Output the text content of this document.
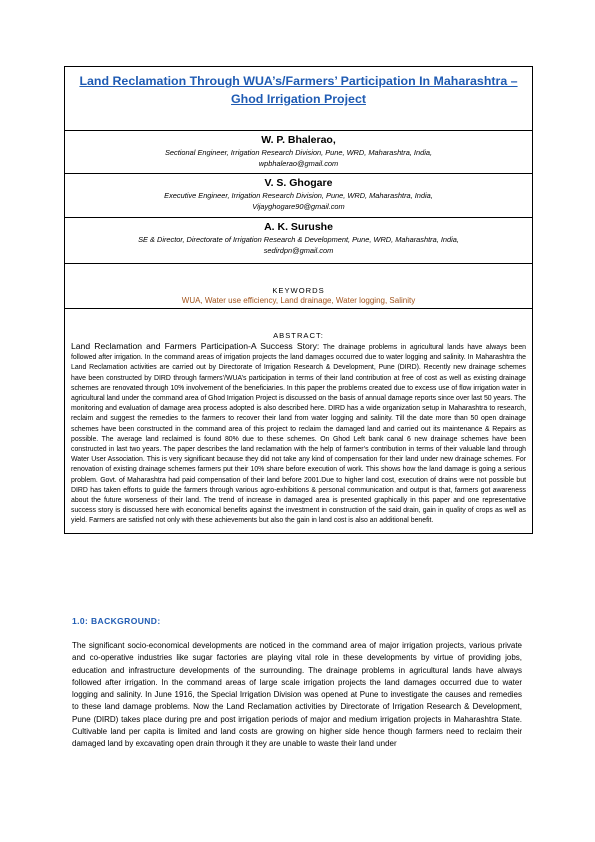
Land Reclamation Through WUA’s/Farmers’ Participation In Maharashtra –Ghod Irrigation Project
W. P. Bhalerao,
Sectional Engineer, Irrigation Research Division, Pune, WRD, Maharashtra, India,
wpbhalerao@gmail.com
V. S. Ghogare
Executive Engineer, Irrigation Research Division, Pune, WRD, Maharashtra, India,
Vijayghogare90@gmail.com
A. K. Surushe
SE & Director, Directorate of Irrigation Research & Development, Pune, WRD, Maharashtra, India,
sedirdpn@gmail.com
KEYWORDS
WUA, Water use efficiency, Land drainage, Water logging, Salinity
ABSTRACT:

Land Reclamation and Farmers Participation-A Success Story: The drainage problems in agricultural lands have always been followed after irrigation. In the command areas of irrigation projects the land damages occurred due to water logging and salinity. In Maharashtra the Land Reclamation activities are carried out by Directorate of Irrigation Research & Development, Pune (DIRD). Recently new drainage schemes have been constructed by DIRD through farmers’/WUA’s participation in terms of their land contribution at free of cost as well as existing drainage schemes are renovated through 10% involvement of the beneficiaries. In this paper the problems created due to excess use of flow irrigation water in agricultural land under the command area of Ghod Irrigation Project is discussed on the basis of annual damage reports since over last 50 years. The monitoring and evaluation of damage area process adopted is also described here. DIRD has a wide organization setup in Maharashtra to research, reclaim and suggest the remedies to the farmers to recover their land from water logging and salinity. Till the date more than 50 open drainage schemes have been constructed in the command area of this project to reclaim the damaged land and carried out its maintenance & Repairs as possible. The average land reclaimed is found 80% due to these schemes. On Ghod Left bank canal 6 new drainage schemes have been constructed in last two years. The paper describes the land reclamation with the help of farmer’s contribution in terms of their valuable land through Water User Association. This is very significant because they did not take any kind of compensation for their land under new drainage schemes. For renovation of existing drainage schemes farmers put their 10% share before execution of work. This shows how the land damage is going a serious problem. Govt. of Maharashtra had paid compensation of their land before 2001.Due to higher land cost, execution of drains were not possible but DIRD has taken efforts to guide the farmers through various agro-exhibitions & personal communication and output is that, farmers got awareness about the future worseness of their land. The trend of increase in damaged area is presented graphically in this paper and one representative success story is discussed here with economical benefits against the investment in construction of the said drain, gain in quality of crops as well as yield. Farmers are satisfied not only with these achievements but also the gain in land cost is also an additional benefit.

1.0: BACKGROUND:

The significant socio-economical developments are noticed in the command area of major irrigation projects, various private and co-operative industries like sugar factories are playing vital role in these developments by virtue of providing jobs, education and infrastructure developments of the surrounding. The drainage problems in agricultural lands have always followed after irrigation. In the command areas of large scale irrigation projects the land damages occurred due to water logging and salinity. In June 1916, the Special Irrigation Division was opened at Pune to investigate the causes and remedies to these land damage problems. Now the Land Reclamation activities by Directorate of Irrigation Research & Development, Pune (DIRD) takes place during pre and post irrigation periods of major and medium irrigation projects in Maharashtra State. Cultivable land per capita is limited and land costs are growing on higher side hence though farmers need to reclaim their damaged land by excavating open drain through it they are unable to waste their land under
